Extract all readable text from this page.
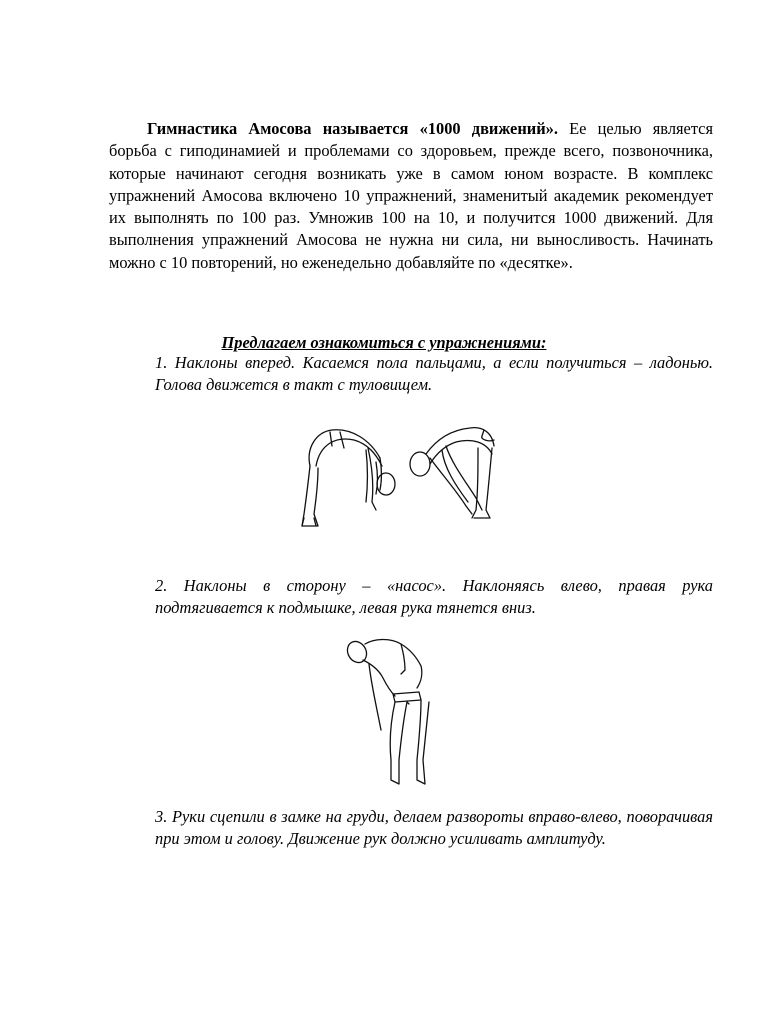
Гимнастика Амосова называется «1000 движений». Ее целью является борьба с гиподинамией и проблемами со здоровьем, прежде всего, позвоночника, которые начинают сегодня возникать уже в самом юном возрасте. В комплекс упражнений Амосова включено 10 упражнений, знаменитый академик рекомендует их выполнять по 100 раз. Умножив 100 на 10, и получится 1000 движений. Для выполнения упражнений Амосова не нужна ни сила, ни выносливость. Начинать можно с 10 повторений, но еженедельно добавляйте по «десятке».

Предлагаем ознакомиться с упражнениями:

1. Наклоны вперед. Касаемся пола пальцами, а если получиться – ладонью. Голова движется в такт с туловищем.

2. Наклоны в сторону – «насос». Наклоняясь влево, правая рука подтягивается к подмышке, левая рука тянется вниз.

3. Руки сцепили в замке на груди, делаем развороты вправо-влево, поворачивая при этом и голову. Движение рук должно усиливать амплитуду.
